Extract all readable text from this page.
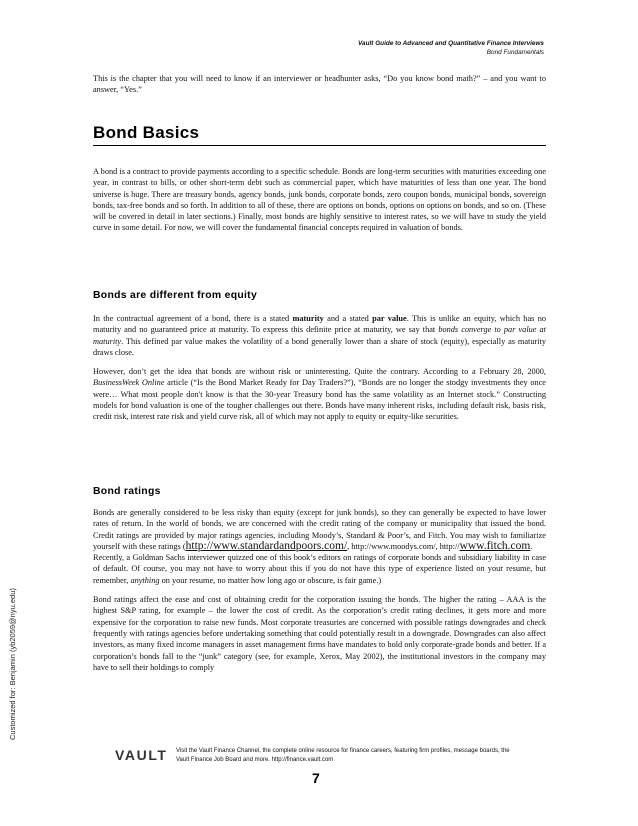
Vault Guide to Advanced and Quantitative Finance Interviews
Bond Fundamentals

This is the chapter that you will need to know if an interviewer or headhunter asks, “Do you know bond math?” – and you want to answer, “Yes.”

Bond Basics

A bond is a contract to provide payments according to a specific schedule. Bonds are long-term securities with maturities exceeding one year, in contrast to bills, or other short-term debt such as commercial paper, which have maturities of less than one year. The bond universe is huge. There are treasury bonds, agency bonds, junk bonds, corporate bonds, zero coupon bonds, municipal bonds, sovereign bonds, tax-free bonds and so forth. In addition to all of these, there are options on bonds, options on options on bonds, and so on. (These will be covered in detail in later sections.) Finally, most bonds are highly sensitive to interest rates, so we will have to study the yield curve in some detail. For now, we will cover the fundamental financial concepts required in valuation of bonds.

Bonds are different from equity

In the contractual agreement of a bond, there is a stated maturity and a stated par value. This is unlike an equity, which has no maturity and no guaranteed price at maturity. To express this definite price at maturity, we say that bonds converge to par value at maturity. This defined par value makes the volatility of a bond generally lower than a share of stock (equity), especially as maturity draws close.

However, don’t get the idea that bonds are without risk or uninteresting. Quite the contrary. According to a February 28, 2000, BusinessWeek Online article (“Is the Bond Market Ready for Day Traders?”), “Bonds are no longer the stodgy investments they once were… What most people don't know is that the 30-year Treasury bond has the same volatility as an Internet stock.” Constructing models for bond valuation is one of the tougher challenges out there. Bonds have many inherent risks, including default risk, basis risk, credit risk, interest rate risk and yield curve risk, all of which may not apply to equity or equity-like securities.

Bond ratings

Bonds are generally considered to be less risky than equity (except for junk bonds), so they can generally be expected to have lower rates of return. In the world of bonds, we are concerned with the credit rating of the company or municipality that issued the bond. Credit ratings are provided by major ratings agencies, including Moody’s, Standard & Poor’s, and Fitch. You may wish to familiarize yourself with these ratings (http://www.standardandpoors.com/, http://www.moodys.com/, http://www.fitch.com.
Recently, a Goldman Sachs interviewer quizzed one of this book’s editors on ratings of corporate bonds and subsidiary liability in case of default. Of course, you may not have to worry about this if you do not have this type of experience listed on your resume, but remember, anything on your resume, no matter how long ago or obscure, is fair game.)

Bond ratings affect the ease and cost of obtaining credit for the corporation issuing the bonds. The higher the rating – AAA is the highest S&P rating, for example – the lower the cost of credit. As the corporation’s credit rating declines, it gets more and more expensive for the corporation to raise new funds. Most corporate treasuries are concerned with possible ratings downgrades and check frequently with ratings agencies before undertaking something that could potentially result in a downgrade. Downgrades can also affect investors, as many fixed income managers in asset management firms have mandates to hold only corporate-grade bonds and better. If a corporation’s bonds fall to the “junk” category (see, for example, Xerox, May 2002), the institutional investors in the company may have to sell their holdings to comply

Customized for: Benjamin (yb2059@nyu.edu)
VAULT Visit the Vault Finance Channel, the complete online resource for finance careers, featuring firm profiles, message boards, the Vault Finance Job Board and more. http://finance.vault.com
7
